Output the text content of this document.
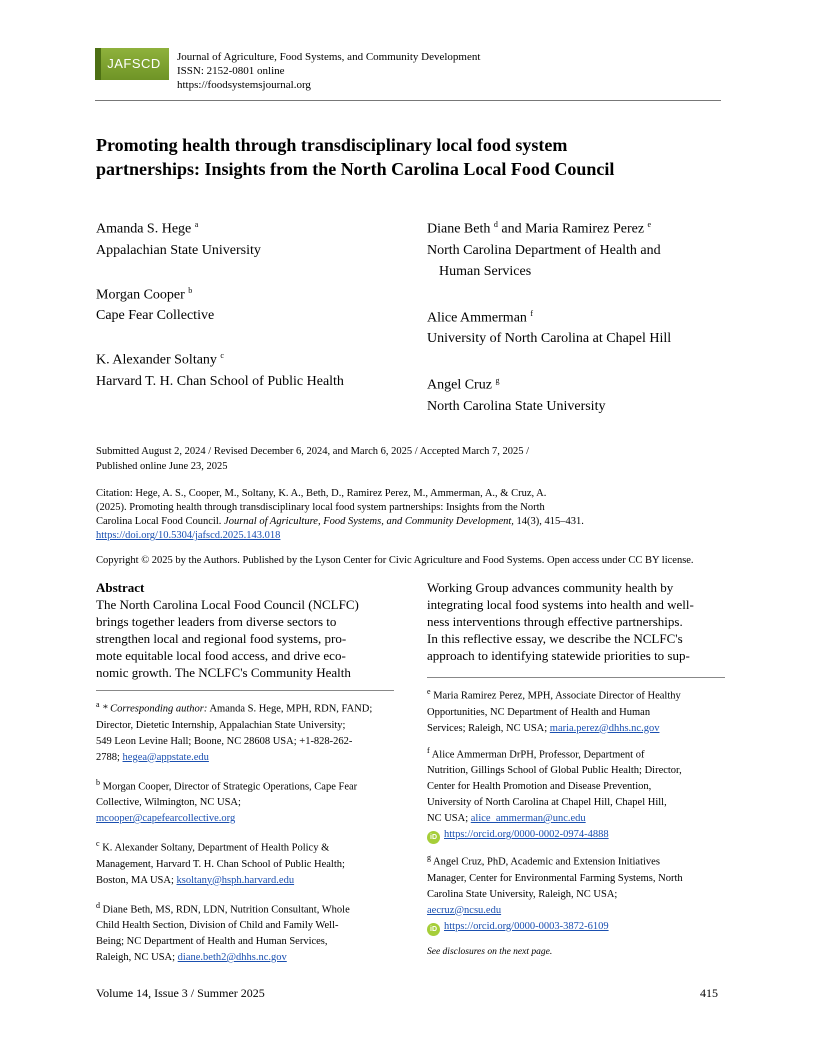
JAFSCD	Journal of Agriculture, Food Systems, and Community Development
ISSN: 2152-0801 online
https://foodsystemsjournal.org
Promoting health through transdisciplinary local food system
partnerships: Insights from the North Carolina Local Food Council
Amanda S. Hege $^a$
Appalachian State University
Morgan Cooper $^b$
Cape Fear Collective
K. Alexander Soltany $^c$
Harvard T. H. Chan School of Public Health
Diane Beth $^d$ and Maria Ramirez Perez $^e$
North Carolina Department of Health and
Human Services
Alice Ammerman $^f$
University of North Carolina at Chapel Hill
Angel Cruz $^g$
North Carolina State University
Submitted August 2, 2024 / Revised December 6, 2024, and March 6, 2025 / Accepted March 7, 2025 /
Published online June 23, 2025
Citation: Hege, A. S., Cooper, M., Soltany, K. A., Beth, D., Ramirez Perez, M., Ammerman, A., & Cruz, A.
(2025). Promoting health through transdisciplinary local food system partnerships: Insights from the North
Carolina Local Food Council. Journal of Agriculture, Food Systems, and Community Development, 14(3), 415–431.
https://doi.org/10.5304/jafscd.2025.143.018
Copyright © 2025 by the Authors. Published by the Lyson Center for Civic Agriculture and Food Systems. Open access under CC BY license.
Abstract
The North Carolina Local Food Council (NCLFC)
brings together leaders from diverse sectors to
strengthen local and regional food systems, pro-
mote equitable local food access, and drive eco-
nomic growth. The NCLFC's Community Health
Working Group advances community health by
integrating local food systems into health and well-
ness interventions through effective partnerships.
In this reflective essay, we describe the NCLFC's
approach to identifying statewide priorities to sup-
$^a$ * Corresponding author: Amanda S. Hege, MPH, RDN, FAND;
Director, Dietetic Internship, Appalachian State University;
549 Leon Levine Hall; Boone, NC 28608 USA; +1-828-262-
2788; hegea@appstate.edu
$^b$ Morgan Cooper, Director of Strategic Operations, Cape Fear
Collective, Wilmington, NC USA;
mcooper@capefearcollective.org
$^c$ K. Alexander Soltany, Department of Health Policy &
Management, Harvard T. H. Chan School of Public Health;
Boston, MA USA; ksoltany@hsph.harvard.edu
$^d$ Diane Beth, MS, RDN, LDN, Nutrition Consultant, Whole
Child Health Section, Division of Child and Family Well-
Being; NC Department of Health and Human Services,
Raleigh, NC USA; diane.beth2@dhhs.nc.gov
$^e$ Maria Ramirez Perez, MPH, Associate Director of Healthy
Opportunities, NC Department of Health and Human
Services; Raleigh, NC USA; maria.perez@dhhs.nc.gov
$^f$ Alice Ammerman DrPH, Professor, Department of
Nutrition, Gillings School of Global Public Health; Director,
Center for Health Promotion and Disease Prevention,
University of North Carolina at Chapel Hill, Chapel Hill,
NC USA; alice_ammerman@unc.edu
iD https://orcid.org/0000-0002-0974-4888
$^g$ Angel Cruz, PhD, Academic and Extension Initiatives
Manager, Center for Environmental Farming Systems, North
Carolina State University, Raleigh, NC USA;
aecruz@ncsu.edu
iD https://orcid.org/0000-0003-3872-6109
See disclosures on the next page.
Volume 14, Issue 3 / Summer 2025	415
